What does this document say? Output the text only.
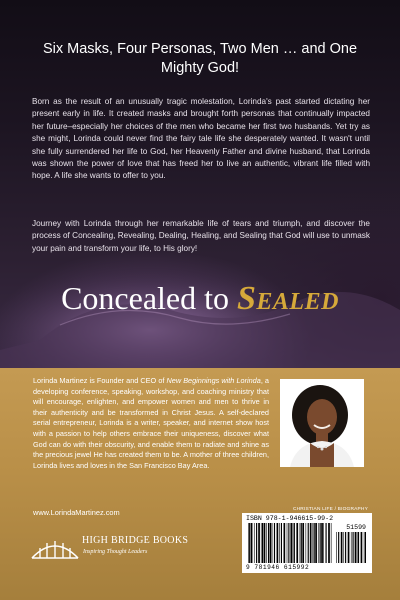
Six Masks, Four Personas, Two Men … and One Mighty God!

Born as the result of an unusually tragic molestation, Lorinda's past started dictating her present early in life. It created masks and brought forth personas that continually impacted her future–especially her choices of the men who became her first two husbands. Yet try as she might, Lorinda could never find the fairy tale life she desperately wanted. It wasn't until she fully surrendered her life to God, her Heavenly Father and divine husband, that Lorinda was shown the power of love that has freed her to live an authentic, vibrant life filled with hope. A life she wants to offer to you.

Journey with Lorinda through her remarkable life of tears and triumph, and discover the process of Concealing, Revealing, Dealing, Healing, and Sealing that God will use to unmask your pain and transform your life, to His glory!

Concealed to Sealed

Lorinda Martinez is Founder and CEO of New Beginnings with Lorinda, a developing conference, speaking, workshop, and coaching ministry that will encourage, enlighten, and empower women and men to thrive in their authenticity and be transformed in Christ Jesus. A self-declared serial entrepreneur, Lorinda is a writer, speaker, and internet show host with a passion to help others embrace their uniqueness, discover what God can do with their obscurity, and enable them to radiate and shine as the precious jewel He has created them to be. A mother of three children, Lorinda lives and loves in the San Francisco Bay Area.

www.LorindaMartinez.com

HIGH BRIDGE BOOKS

Inspiring Thought Leaders

CHRISTIAN LIFE / BIOGRAPHY

ISBN 978-1-946615-99-2

51599

9 781946 615992
